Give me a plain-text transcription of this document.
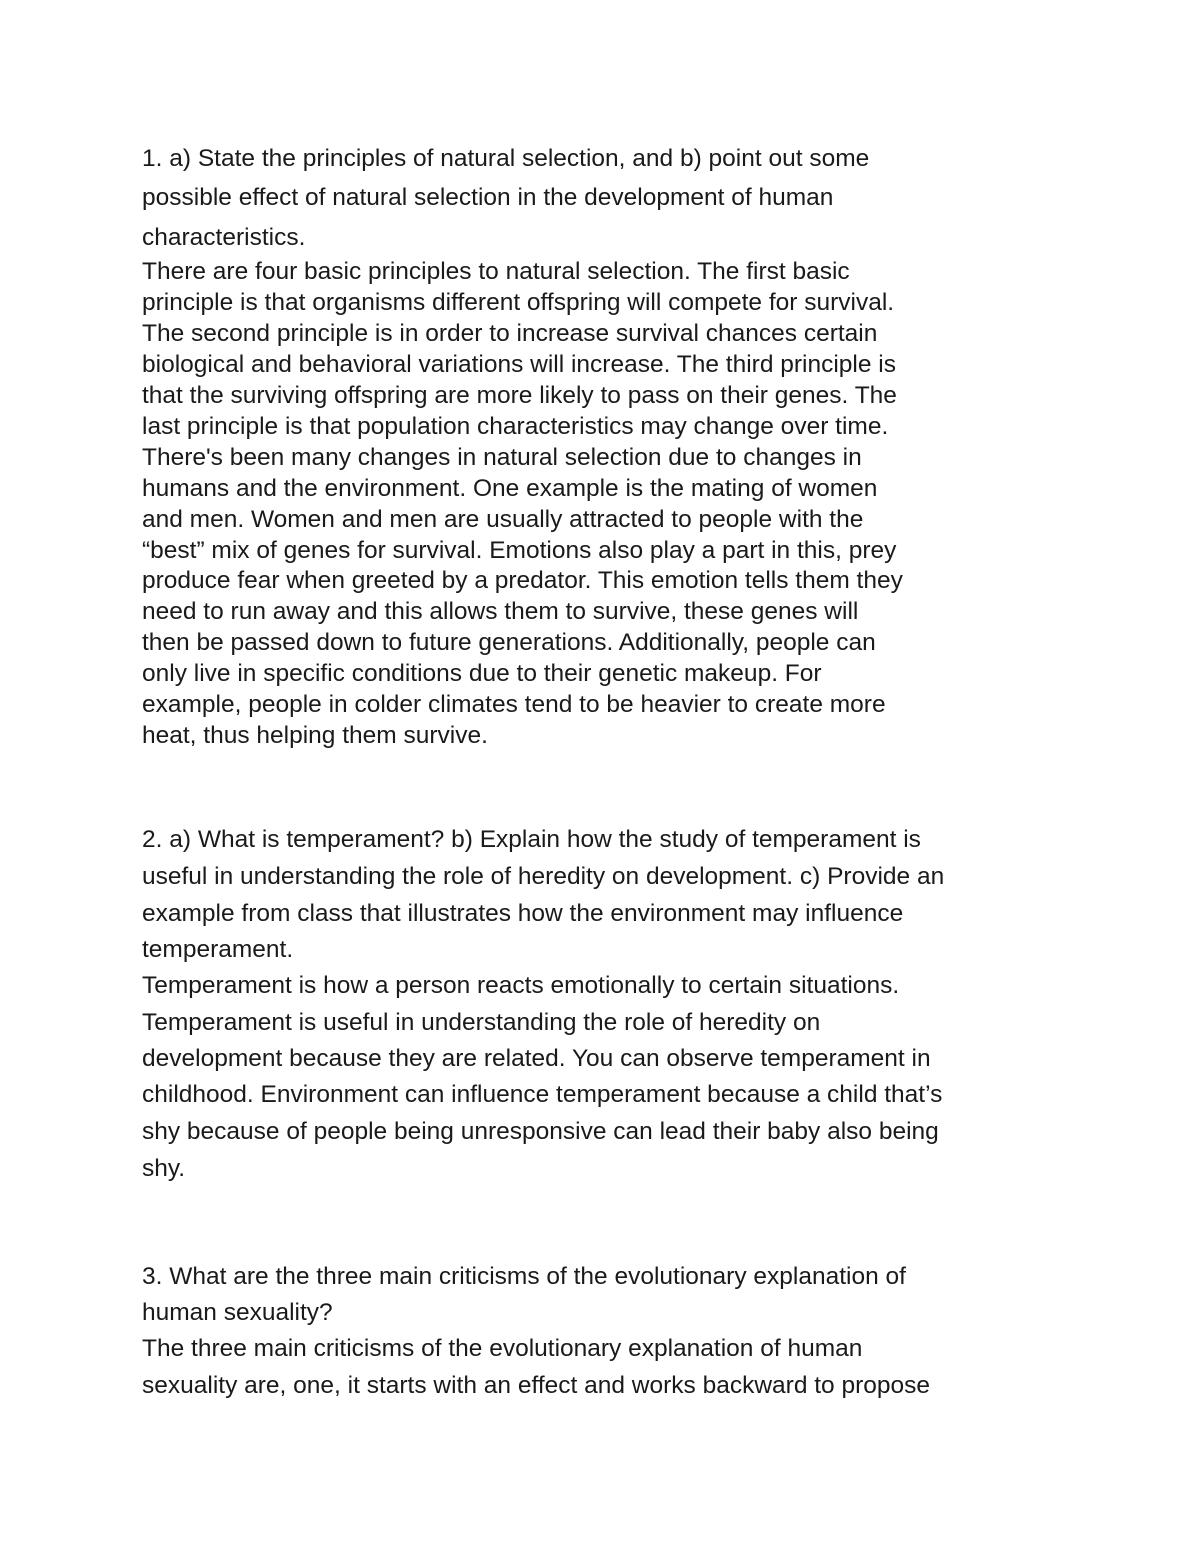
1. a) State the principles of natural selection, and b) point out some
possible effect of natural selection in the development of human
characteristics.
There are four basic principles to natural selection. The first basic
principle is that organisms different offspring will compete for survival.
The second principle is in order to increase survival chances certain
biological and behavioral variations will increase. The third principle is
that the surviving offspring are more likely to pass on their genes. The
last principle is that population characteristics may change over time.
There's been many changes in natural selection due to changes in
humans and the environment. One example is the mating of women
and men. Women and men are usually attracted to people with the
“best” mix of genes for survival. Emotions also play a part in this, prey
produce fear when greeted by a predator. This emotion tells them they
need to run away and this allows them to survive, these genes will
then be passed down to future generations. Additionally, people can
only live in specific conditions due to their genetic makeup. For
example, people in colder climates tend to be heavier to create more
heat, thus helping them survive.
2. a) What is temperament? b) Explain how the study of temperament is
useful in understanding the role of heredity on development. c) Provide an
example from class that illustrates how the environment may influence
temperament.
Temperament is how a person reacts emotionally to certain situations.
Temperament is useful in understanding the role of heredity on
development because they are related. You can observe temperament in
childhood. Environment can influence temperament because a child that’s
shy because of people being unresponsive can lead their baby also being
shy.
3. What are the three main criticisms of the evolutionary explanation of
human sexuality?
The three main criticisms of the evolutionary explanation of human
sexuality are, one, it starts with an effect and works backward to propose
